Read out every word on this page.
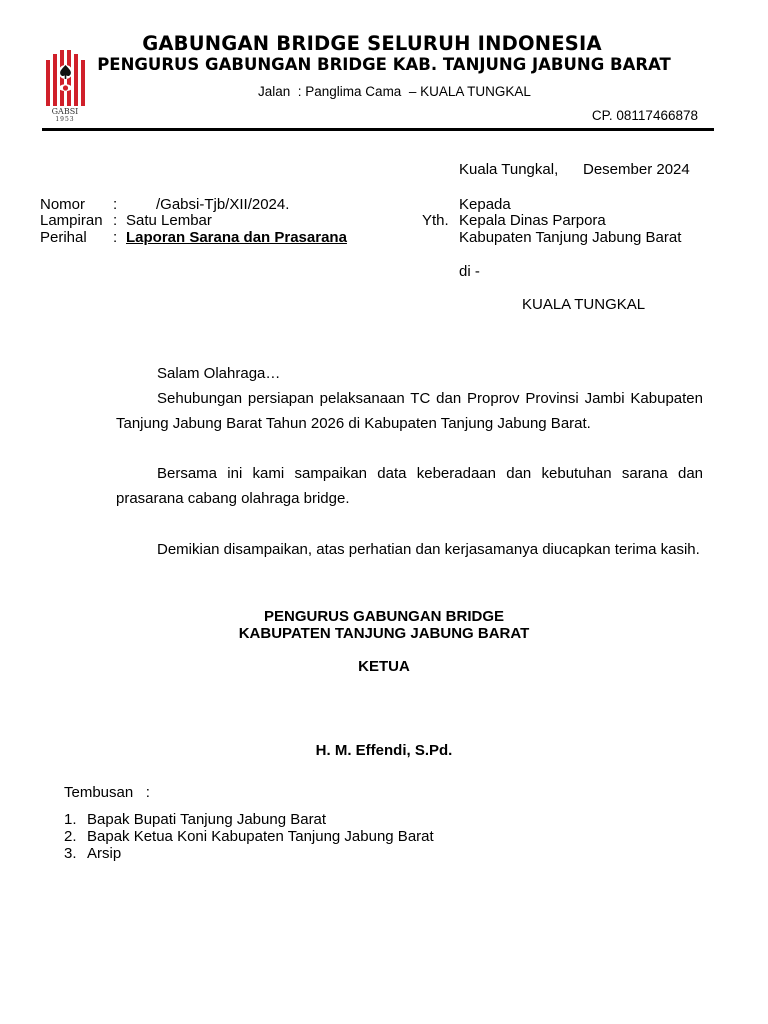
GABSI
1953
GABUNGAN BRIDGE SELURUH INDONESIA
PENGURUS GABUNGAN BRIDGE KAB. TANJUNG JABUNG BARAT
Jalan  : Panglima Cama  – KUALA TUNGKAL
CP. 08117466878
Kuala Tungkal, Desember 2024
Nomor :	/Gabsi-Tjb/XII/2024.
Lampiran : Satu Lembar
Perihal : Laporan Sarana dan Prasarana
Kepada
Yth. Kepala Dinas Parpora
Kabupaten Tanjung Jabung Barat
di -
KUALA TUNGKAL
Salam Olahraga…
Sehubungan persiapan pelaksanaan TC dan Proprov Provinsi Jambi Kabupaten Tanjung Jabung Barat Tahun 2026 di Kabupaten Tanjung Jabung Barat.
Bersama ini kami sampaikan data keberadaan dan kebutuhan sarana dan prasarana cabang olahraga bridge.
Demikian disampaikan, atas perhatian dan kerjasamanya diucapkan terima kasih.
PENGURUS GABUNGAN BRIDGE
KABUPATEN TANJUNG JABUNG BARAT
KETUA
H. M. Effendi, S.Pd.
Tembusan   :
1. Bapak Bupati Tanjung Jabung Barat
2. Bapak Ketua Koni Kabupaten Tanjung Jabung Barat
3. Arsip
